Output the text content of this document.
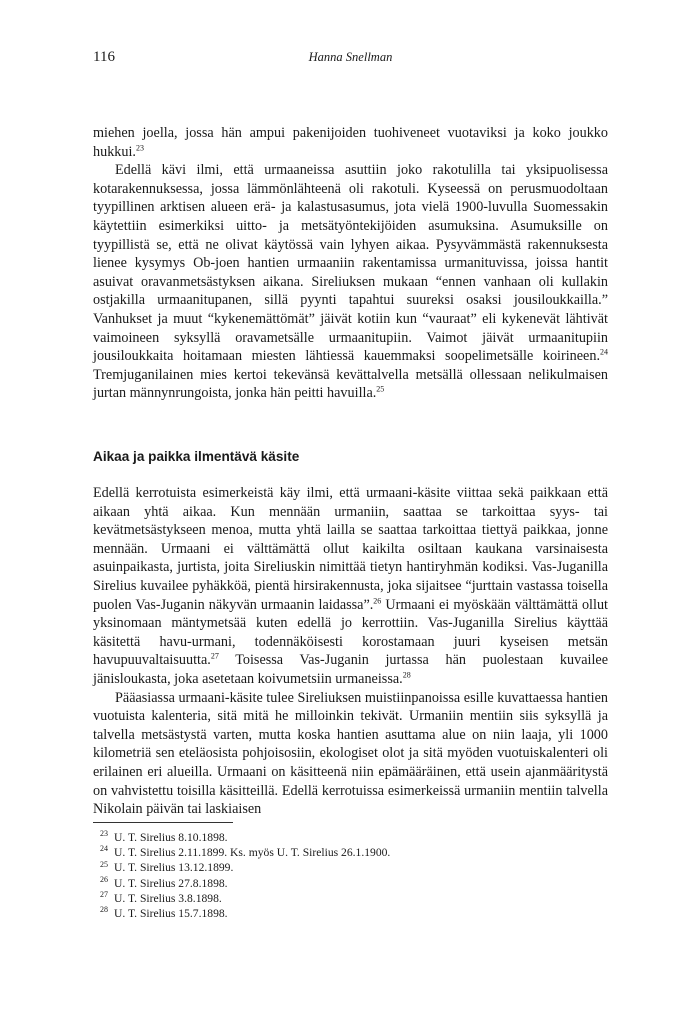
116	Hanna Snellman

miehen joella, jossa hän ampui pakenijoiden tuohiveneet vuotaviksi ja koko joukko hukkui.$^{23}$

Edellä kävi ilmi, että urmaaneissa asuttiin joko rakotulilla tai yksipuolisessa kotarakennuksessa, jossa lämmönlähteenä oli rakotuli. Kyseessä on perusmuodoltaan tyypillinen arktisen alueen erä- ja kalastusasumus, jota vielä 1900-luvulla Suomessakin käytettiin esimerkiksi uitto- ja metsätyöntekijöiden asumuksina. Asumuksille on tyypillistä se, että ne olivat käytössä vain lyhyen aikaa. Pysyvämmästä rakennuksesta lienee kysymys Ob-joen hantien urmaaniin rakentamissa urmanituvissa, joissa hantit asuivat oravanmetsästyksen aikana. Sireliuksen mukaan “ennen vanhaan oli kullakin ostjakilla urmaanitupanen, sillä pyynti tapahtui suureksi osaksi jousiloukkailla.” Vanhukset ja muut “kykenemättömät” jäivät kotiin kun “vauraat” eli kykenevät lähtivät vaimoineen syksyllä oravametsälle urmaanitupiin. Vaimot jäivät urmaanitupiin jousiloukkaita hoitamaan miesten lähtiessä kauemmaksi soopelimetsälle koirineen.$^{24}$ Tremjuganilainen mies kertoi tekevänsä kevättalvella metsällä ollessaan nelikulmaisen jurtan männynrungoista, jonka hän peitti havuilla.$^{25}$

Aikaa ja paikka ilmentävä käsite

Edellä kerrotuista esimerkeistä käy ilmi, että urmaani-käsite viittaa sekä paikkaan että aikaan yhtä aikaa. Kun mennään urmaniin, saattaa se tarkoittaa syys- tai kevätmetsästykseen menoa, mutta yhtä lailla se saattaa tarkoittaa tiettyä paikkaa, jonne mennään. Urmaani ei välttämättä ollut kaikilta osiltaan kaukana varsinaisesta asuinpaikasta, jurtista, joita Sireliuskin nimittää tietyn hantiryhmän kodiksi. Vas-Juganilla Sirelius kuvailee pyhäkköä, pientä hirsirakennusta, joka sijaitsee “jurttain vastassa toisella puolen Vas-Juganin näkyvän urmaanin laidassa”.$^{26}$ Urmaani ei myöskään välttämättä ollut yksinomaan mäntymetsää kuten edellä jo kerrottiin. Vas-Juganilla Sirelius käyttää käsitettä havu-urmani, todennäköisesti korostamaan juuri kyseisen metsän havupuuvaltaisuutta.$^{27}$ Toisessa Vas-Juganin jurtassa hän puolestaan kuvailee jänisloukasta, joka asetetaan koivumetsiin urmaneissa.$^{28}$

Pääasiassa urmaani-käsite tulee Sireliuksen muistiinpanoissa esille kuvattaessa hantien vuotuista kalenteria, sitä mitä he milloinkin tekivät. Urmaniin mentiin siis syksyllä ja talvella metsästystä varten, mutta koska hantien asuttama alue on niin laaja, yli 1000 kilometriä sen eteläosista pohjoisosiin, ekologiset olot ja sitä myöden vuotuiskalenteri oli erilainen eri alueilla. Urmaani on käsitteenä niin epämääräinen, että usein ajanmääritystä on vahvistettu toisilla käsitteillä. Edellä kerrotuissa esimerkeissä urmaniin mentiin talvella Nikolain päivän tai laskiaisen

$^{23}$ U. T. Sirelius 8.10.1898.
$^{24}$ U. T. Sirelius 2.11.1899. Ks. myös U. T. Sirelius 26.1.1900.
$^{25}$ U. T. Sirelius 13.12.1899.
$^{26}$ U. T. Sirelius 27.8.1898.
$^{27}$ U. T. Sirelius 3.8.1898.
$^{28}$ U. T. Sirelius 15.7.1898.
